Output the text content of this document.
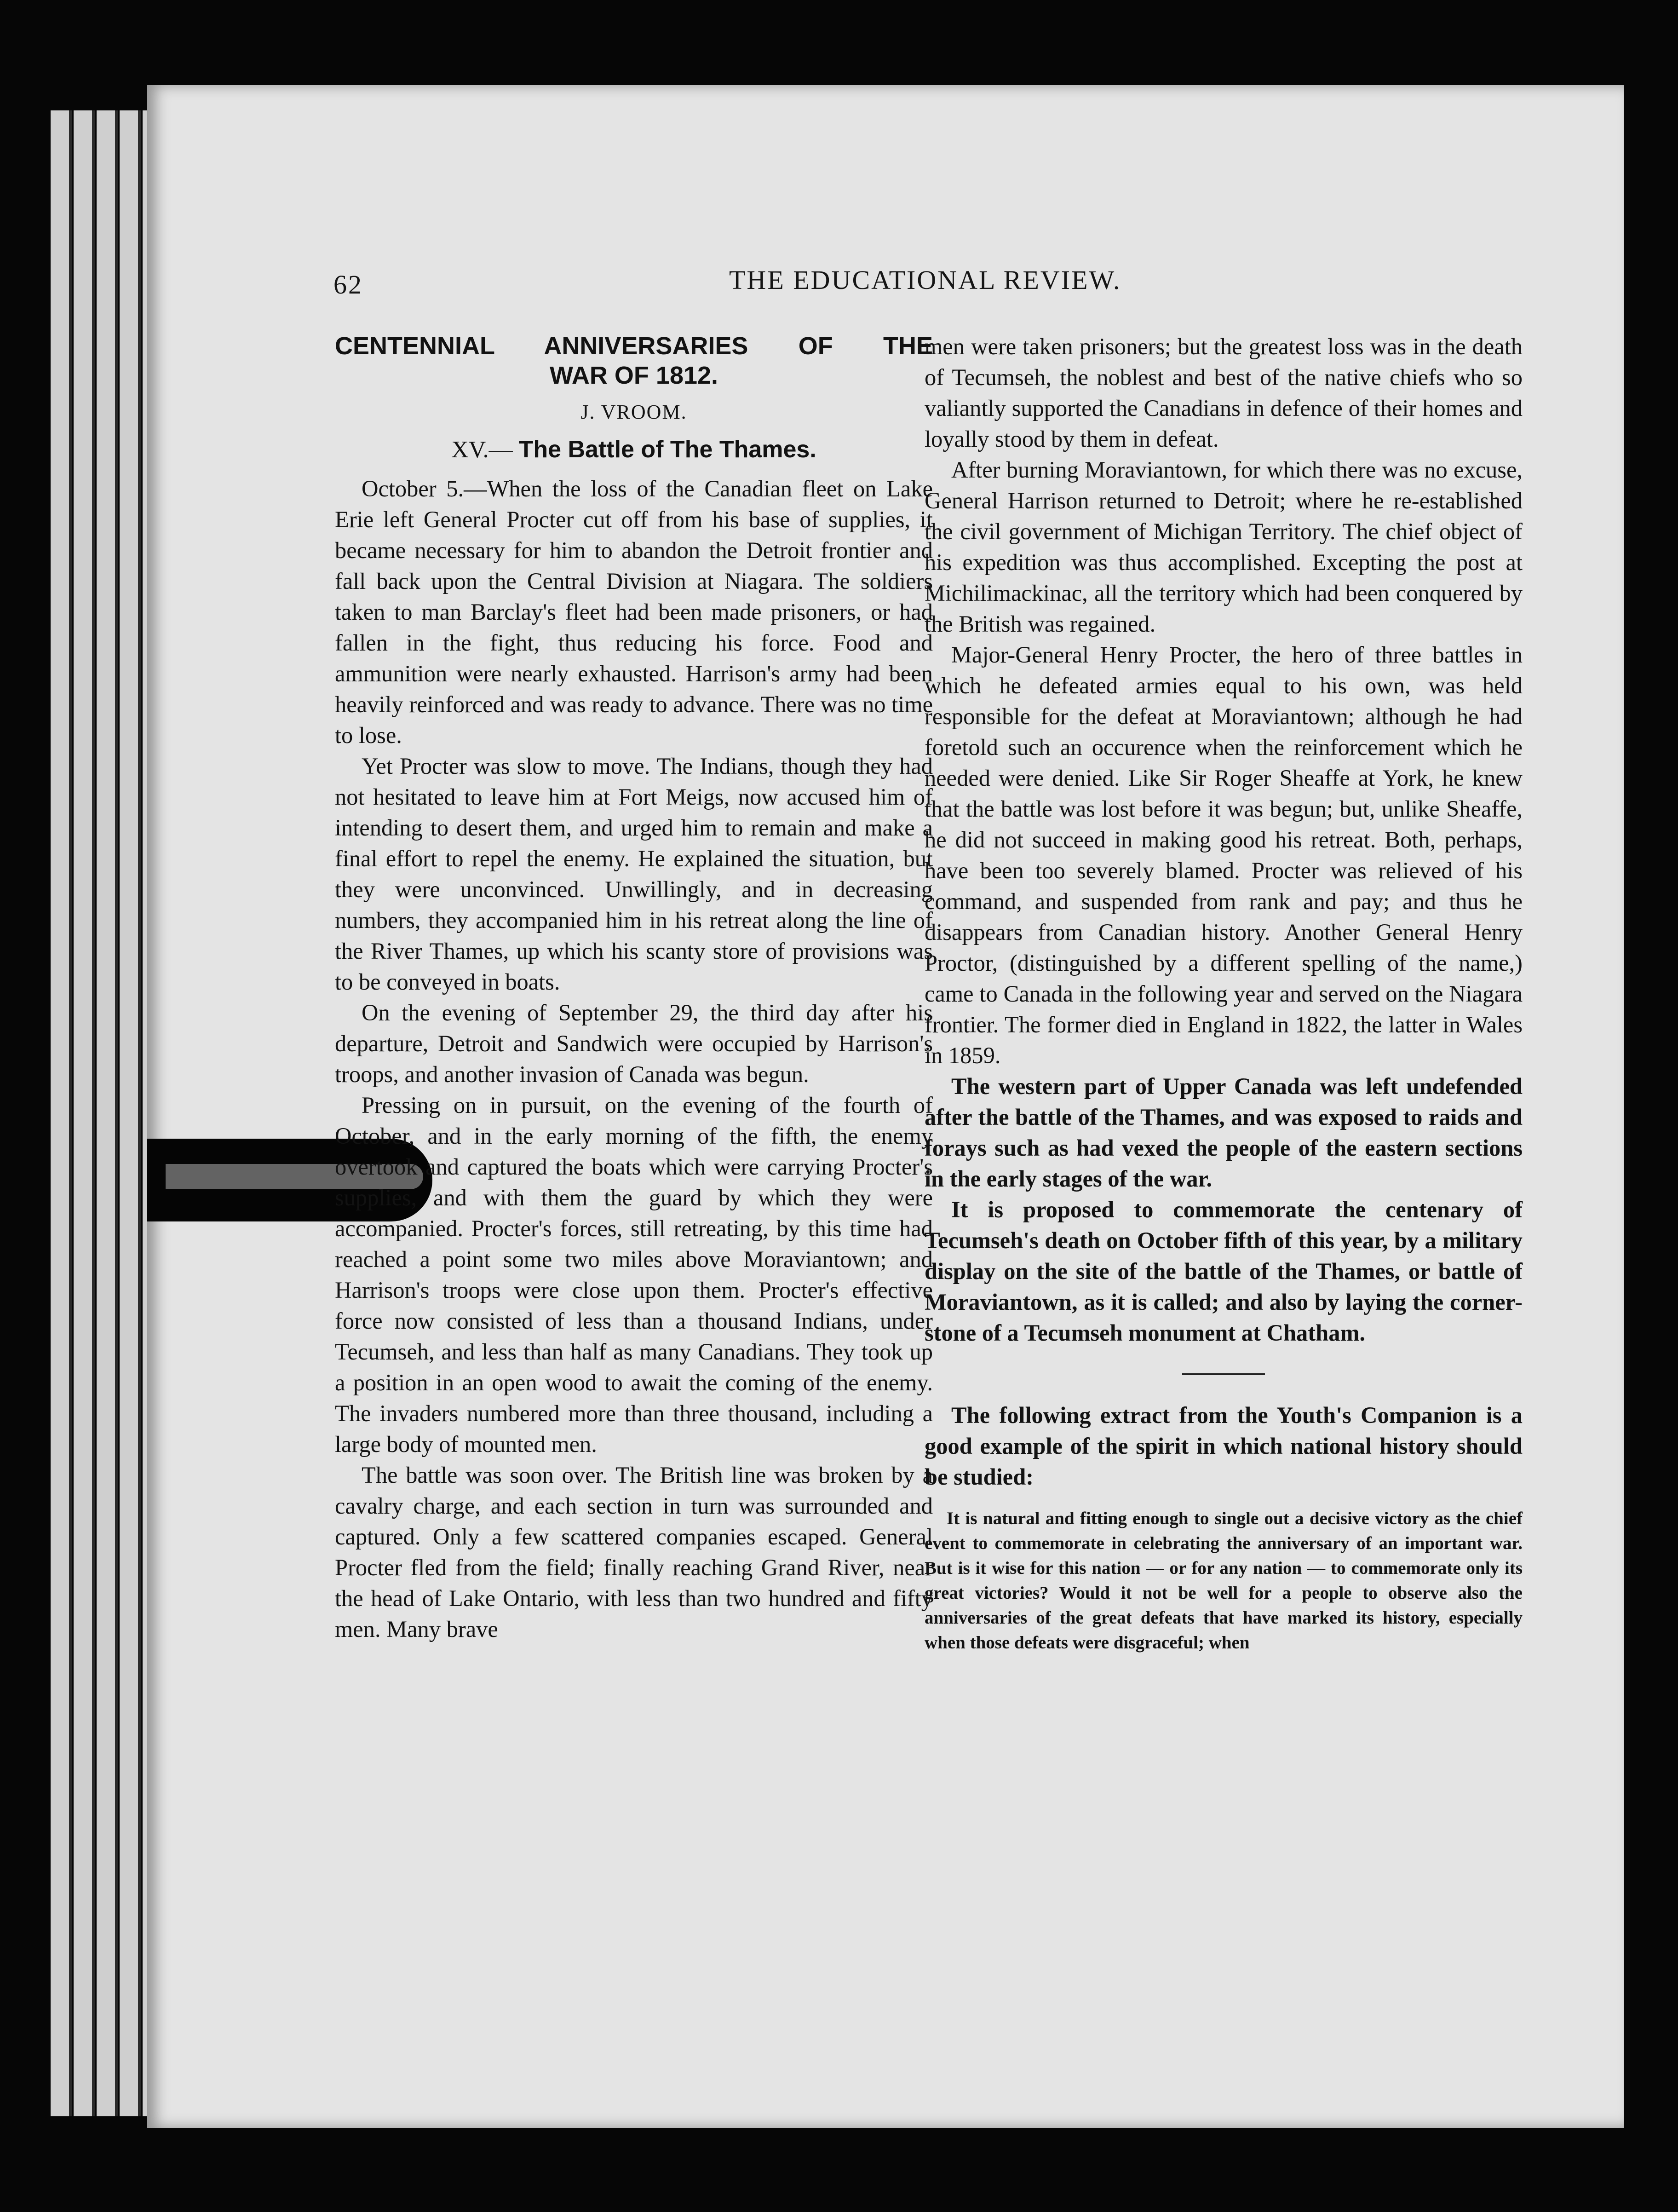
62	THE EDUCATIONAL REVIEW.
CENTENNIAL ANNIVERSARIES OF THE
WAR OF 1812.
J. VROOM.
XV.— The Battle of The Thames.

October 5.—When the loss of the Canadian fleet on Lake Erie left General Procter cut off from his base of supplies, it became necessary for him to abandon the Detroit frontier and fall back upon the Central Division at Niagara. The soldiers taken to man Barclay's fleet had been made prisoners, or had fallen in the fight, thus reducing his force. Food and ammunition were nearly exhausted. Harrison's army had been heavily reinforced and was ready to advance. There was no time to lose.

Yet Procter was slow to move. The Indians, though they had not hesitated to leave him at Fort Meigs, now accused him of intending to desert them, and urged him to remain and make a final effort to repel the enemy. He explained the situation, but they were unconvinced. Unwillingly, and in decreasing numbers, they accompanied him in his retreat along the line of the River Thames, up which his scanty store of provisions was to be conveyed in boats.

On the evening of September 29, the third day after his departure, Detroit and Sandwich were occupied by Harrison's troops, and another invasion of Canada was begun.

Pressing on in pursuit, on the evening of the fourth of October, and in the early morning of the fifth, the enemy overtook and captured the boats which were carrying Procter's supplies, and with them the guard by which they were accompanied. Procter's forces, still retreating, by this time had reached a point some two miles above Moraviantown; and Harrison's troops were close upon them. Procter's effective force now consisted of less than a thousand Indians, under Tecumseh, and less than half as many Canadians. They took up a position in an open wood to await the coming of the enemy. The invaders numbered more than three thousand, including a large body of mounted men.

The battle was soon over. The British line was broken by a cavalry charge, and each section in turn was surrounded and captured. Only a few scattered companies escaped. General Procter fled from the field; finally reaching Grand River, near the head of Lake Ontario, with less than two hundred and fifty men. Many brave

men were taken prisoners; but the greatest loss was in the death of Tecumseh, the noblest and best of the native chiefs who so valiantly supported the Canadians in defence of their homes and loyally stood by them in defeat.

After burning Moraviantown, for which there was no excuse, General Harrison returned to Detroit; where he re-established the civil government of Michigan Territory. The chief object of his expedition was thus accomplished. Excepting the post at Michilimackinac, all the territory which had been conquered by the British was regained.

Major-General Henry Procter, the hero of three battles in which he defeated armies equal to his own, was held responsible for the defeat at Moraviantown; although he had foretold such an occurence when the reinforcement which he needed were denied. Like Sir Roger Sheaffe at York, he knew that the battle was lost before it was begun; but, unlike Sheaffe, he did not succeed in making good his retreat. Both, perhaps, have been too severely blamed. Procter was relieved of his command, and suspended from rank and pay; and thus he disappears from Canadian history. Another General Henry Proctor, (distinguished by a different spelling of the name,) came to Canada in the following year and served on the Niagara frontier. The former died in England in 1822, the latter in Wales in 1859.

The western part of Upper Canada was left undefended after the battle of the Thames, and was exposed to raids and forays such as had vexed the people of the eastern sections in the early stages of the war.

It is proposed to commemorate the centenary of Tecumseh's death on October fifth of this year, by a military display on the site of the battle of the Thames, or battle of Moraviantown, as it is called; and also by laying the corner-stone of a Tecumseh monument at Chatham.

The following extract from the Youth's Companion is a good example of the spirit in which national history should be studied:

It is natural and fitting enough to single out a decisive victory as the chief event to commemorate in celebrating the anniversary of an important war. But is it wise for this nation — or for any nation — to commemorate only its great victories? Would it not be well for a people to observe also the anniversaries of the great defeats that have marked its history, especially when those defeats were disgraceful; when
